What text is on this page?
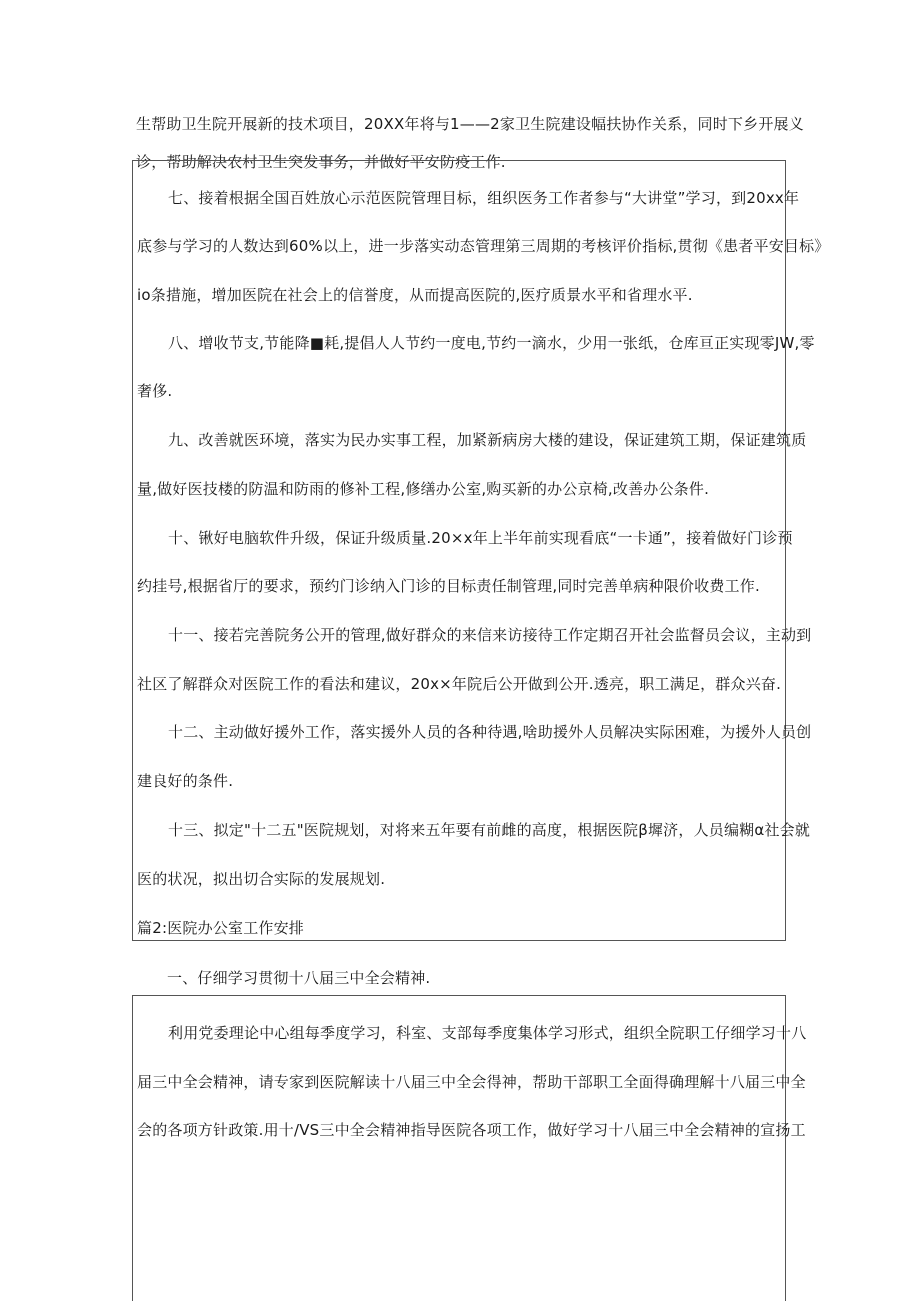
生帮助卫生院开展新的技术项目，20XX年将与1——2家卫生院建设幅扶协作关系，同时下乡开展义
诊，帮助解决农村卫生突发事务，并做好平安防疫工作.
七、接着根据全国百姓放心示范医院管理目标，组织医务工作者参与“大讲堂”学习，到20xx年
底参与学习的人数达到60%以上，进一步落实动态管理第三周期的考核评价指标,贯彻《患者平安目标》
io条措施，增加医院在社会上的信誉度，从而提高医院的,医疗质景水平和省理水平.
八、增收节支,节能降■耗,提倡人人节约一度电,节约一滴水，少用一张纸，仓库亘正实现零JW,零
奢侈.
九、改善就医环境，落实为民办实事工程，加紧新病房大楼的建设，保证建筑工期，保证建筑质
量,做好医技楼的防温和防雨的修补工程,修缮办公室,购买新的办公京椅,改善办公条件.
十、锹好电脑软件升级，保证升级质量.20×x年上半年前实现看底“一卡通”，接着做好门诊预
约挂号,根据省厅的要求，预约门诊纳入门诊的目标责任制管理,同时完善单病种限价收费工作.
十一、接若完善院务公开的管理,做好群众的来信来访接待工作定期召开社会监督员会议，主动到
社区了解群众对医院工作的看法和建议，20x×年院后公开做到公开.透亮，职工满足，群众兴奋.
十二、主动做好援外工作，落实援外人员的各种待遇,啥助援外人员解决实际困难，为援外人员创
建良好的条件.
十三、拟定"十二五"医院规划，对将来五年要有前雌的高度，根据医院β墀济，人员编糊α社会就
医的状况，拟出切合实际的发展规划.
篇2:医院办公室工作安排
一、仔细学习贯彻十八届三中全会精神.
利用党委理论中心组每季度学习，科室、支部每季度集体学习形式，组织全院职工仔细学习十八
届三中全会精神，请专家到医院解读十八届三中全会得神，帮助干部职工全面得确理解十八届三中全
会的各项方针政策.用十/VS三中全会精神指导医院各项工作，做好学习十八届三中全会精神的宣扬工
